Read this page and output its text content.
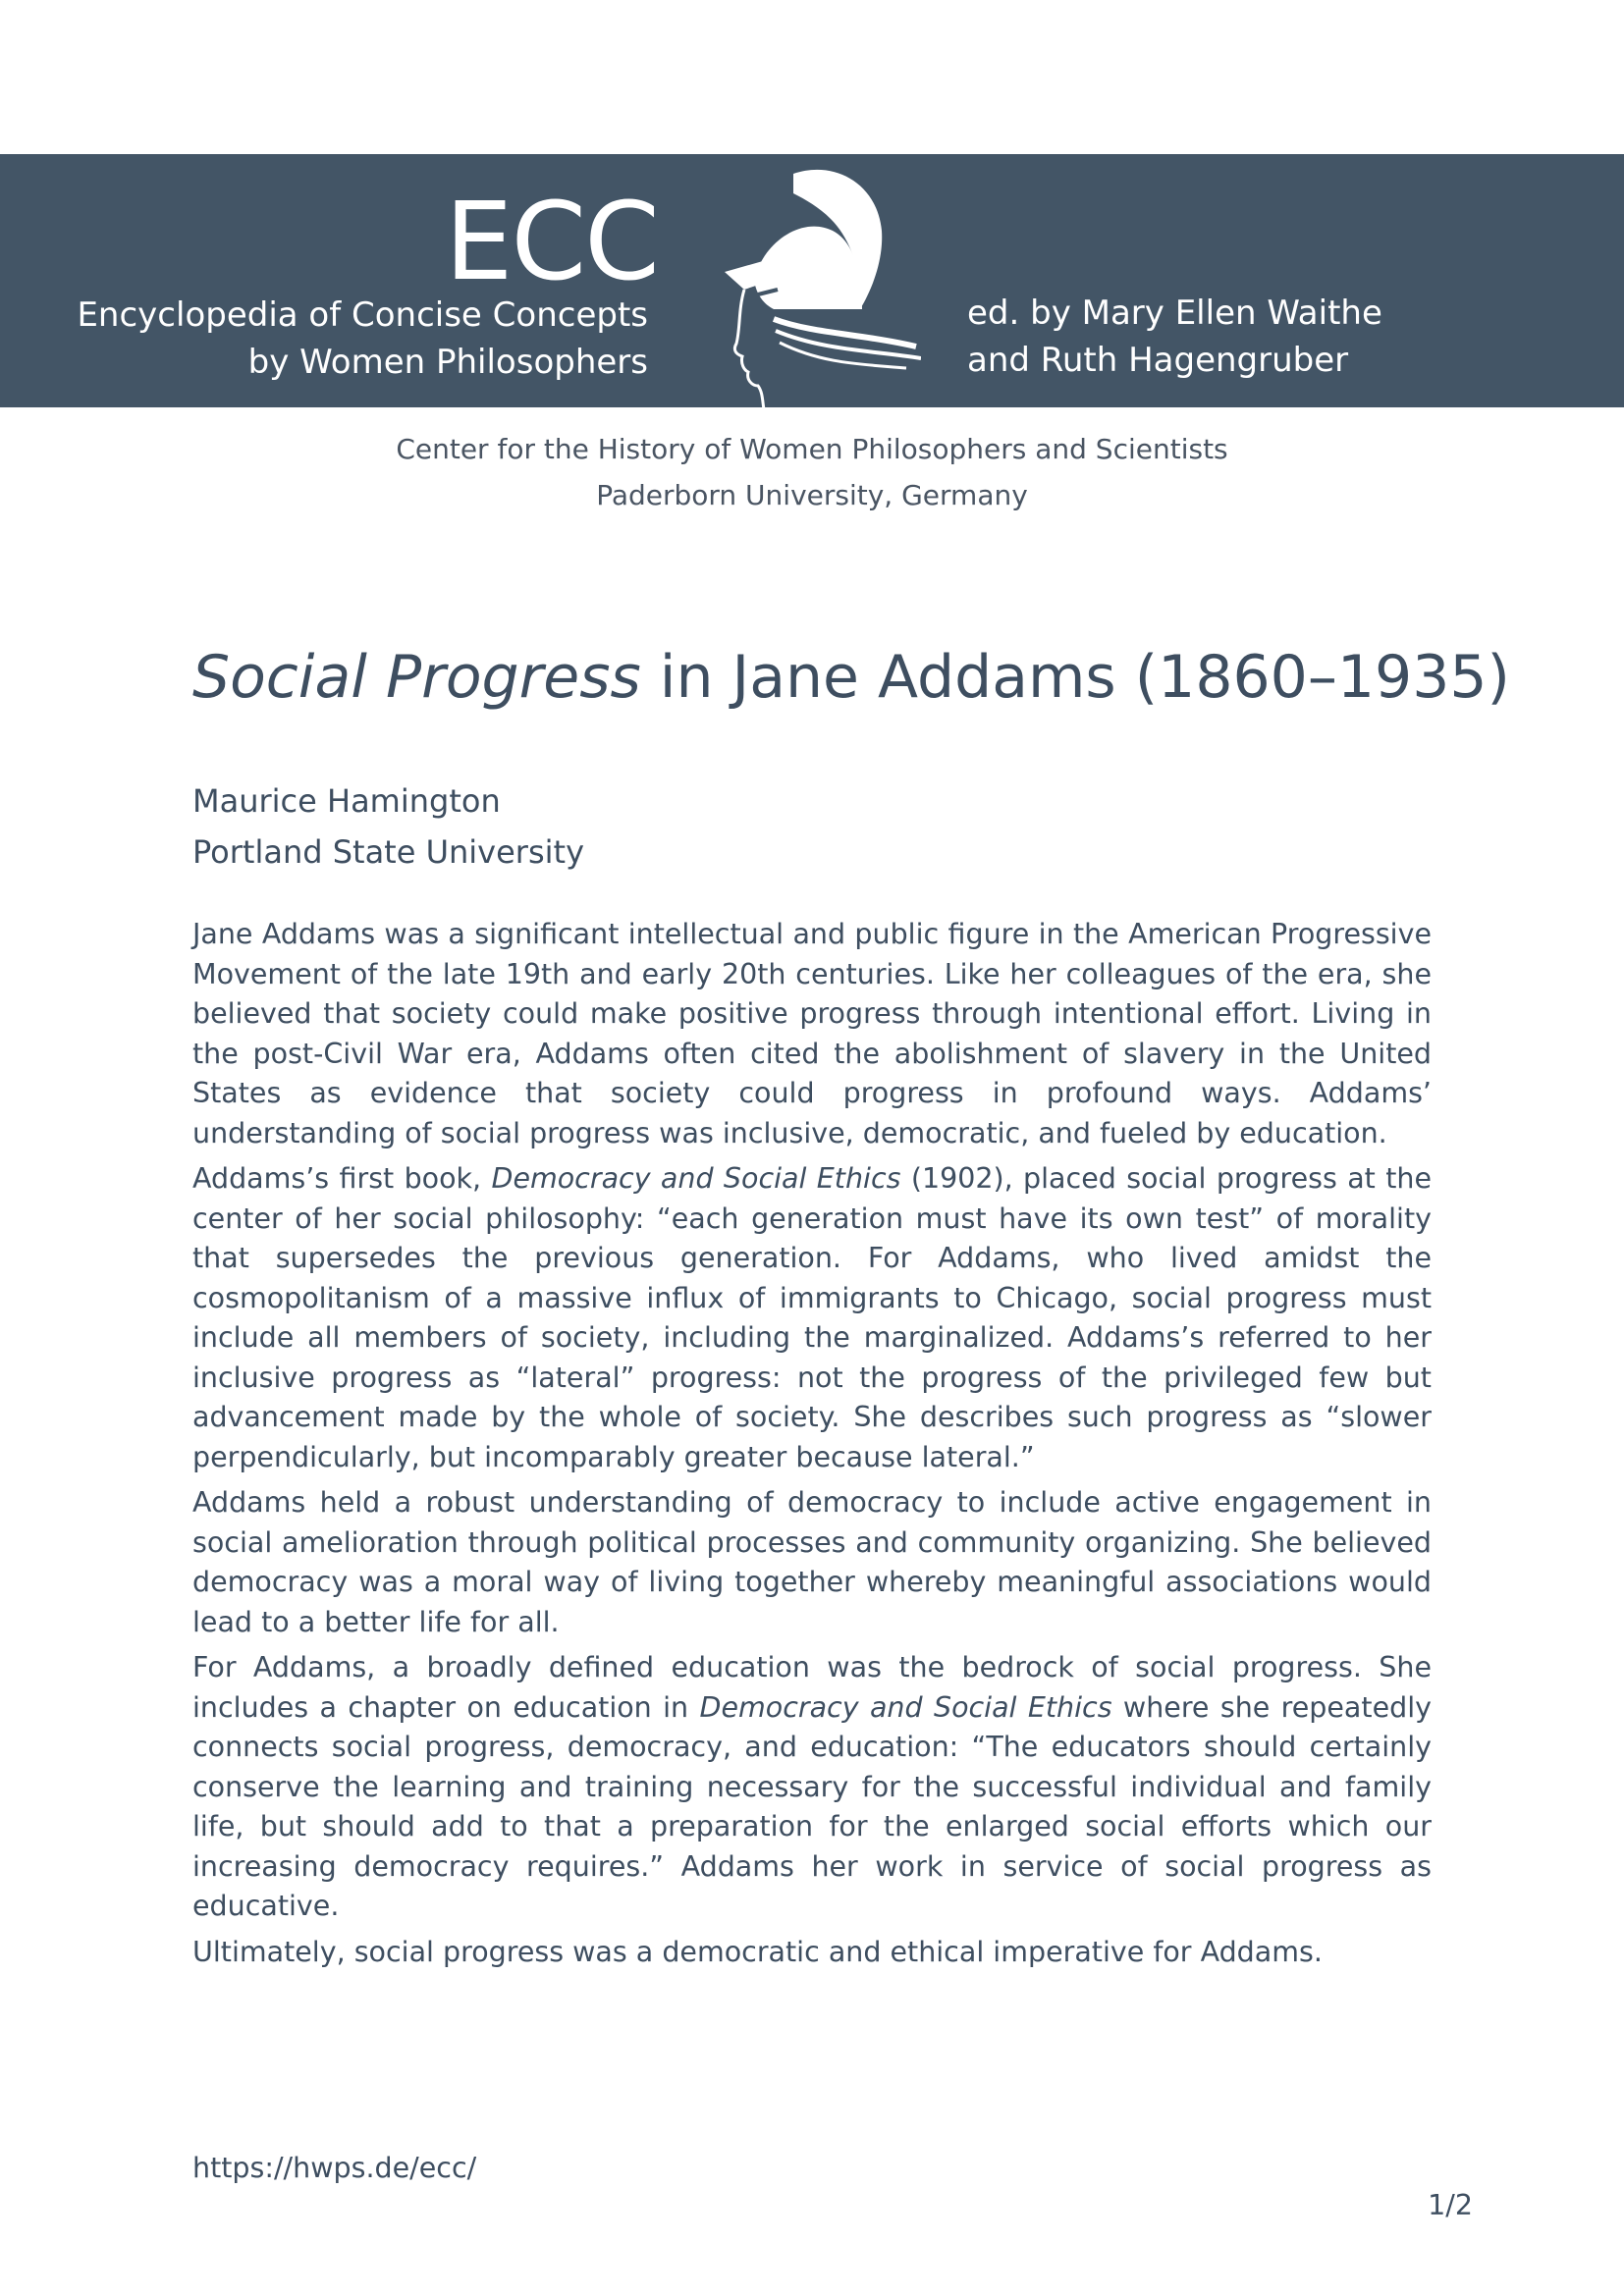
ECC
Encyclopedia of Concise Concepts
by Women Philosophers
ed. by Mary Ellen Waithe
and Ruth Hagengruber
Center for the History of Women Philosophers and Scientists
Paderborn University, Germany
Social Progress in Jane Addams (1860–1935)
Maurice Hamington
Portland State University

Jane Addams was a significant intellectual and public figure in the American Progressive Movement of the late 19th and early 20th centuries. Like her colleagues of the era, she believed that society could make positive progress through intentional effort. Living in the post-Civil War era, Addams often cited the abolishment of slavery in the United States as evidence that society could progress in profound ways. Addams’ understanding of social progress was inclusive, democratic, and fueled by education.

Addams’s first book, Democracy and Social Ethics (1902), placed social progress at the center of her social philosophy: “each generation must have its own test” of morality that supersedes the previous generation. For Addams, who lived amidst the cosmopolitanism of a massive influx of immigrants to Chicago, social progress must include all members of society, including the marginalized. Addams’s referred to her inclusive progress as “lateral” progress: not the progress of the privileged few but advancement made by the whole of society. She describes such progress as “slower perpendicularly, but incomparably greater because lateral.”

Addams held a robust understanding of democracy to include active engagement in social amelioration through political processes and community organizing. She believed democracy was a moral way of living together whereby meaningful associations would lead to a better life for all.

For Addams, a broadly defined education was the bedrock of social progress. She includes a chapter on education in Democracy and Social Ethics where she repeatedly connects social progress, democracy, and education: “The educators should certainly conserve the learning and training necessary for the successful individual and family life, but should add to that a preparation for the enlarged social efforts which our increasing democracy requires.” Addams her work in service of social progress as educative.

Ultimately, social progress was a democratic and ethical imperative for Addams.

https://hwps.de/ecc/
1/2
